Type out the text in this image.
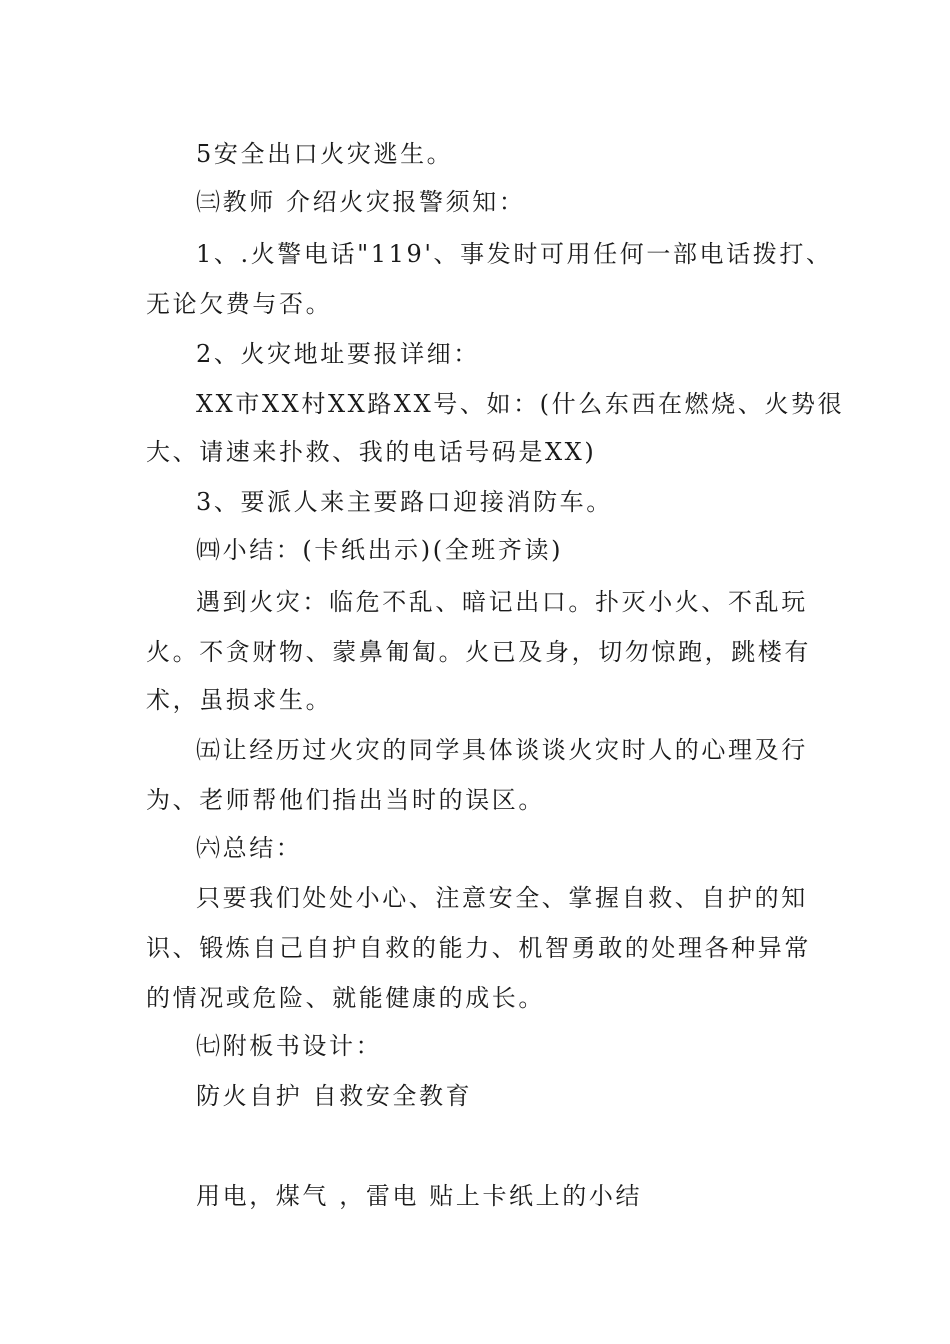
5安全出口火灾逃生。
㈢教师 介绍火灾报警须知：
1、.火警电话"119'、事发时可用任何一部电话拨打、
无论欠费与否。
2、火灾地址要报详细：
XX市XX村XX路XX号、如：(什么东西在燃烧、火势很
大、请速来扑救、我的电话号码是XX)
3、要派人来主要路口迎接消防车。
㈣小结：(卡纸出示)(全班齐读)
遇到火灾：临危不乱、暗记出口。扑灭小火、不乱玩
火。不贪财物、蒙鼻匍匐。火已及身，切勿惊跑，跳楼有
术，虽损求生。
㈤让经历过火灾的同学具体谈谈火灾时人的心理及行
为、老师帮他们指出当时的误区。
㈥总结：
只要我们处处小心、注意安全、掌握自救、自护的知
识、锻炼自己自护自救的能力、机智勇敢的处理各种异常
的情况或危险、就能健康的成长。
㈦附板书设计：
防火自护 自救安全教育
用电，煤气 ，雷电 贴上卡纸上的小结
